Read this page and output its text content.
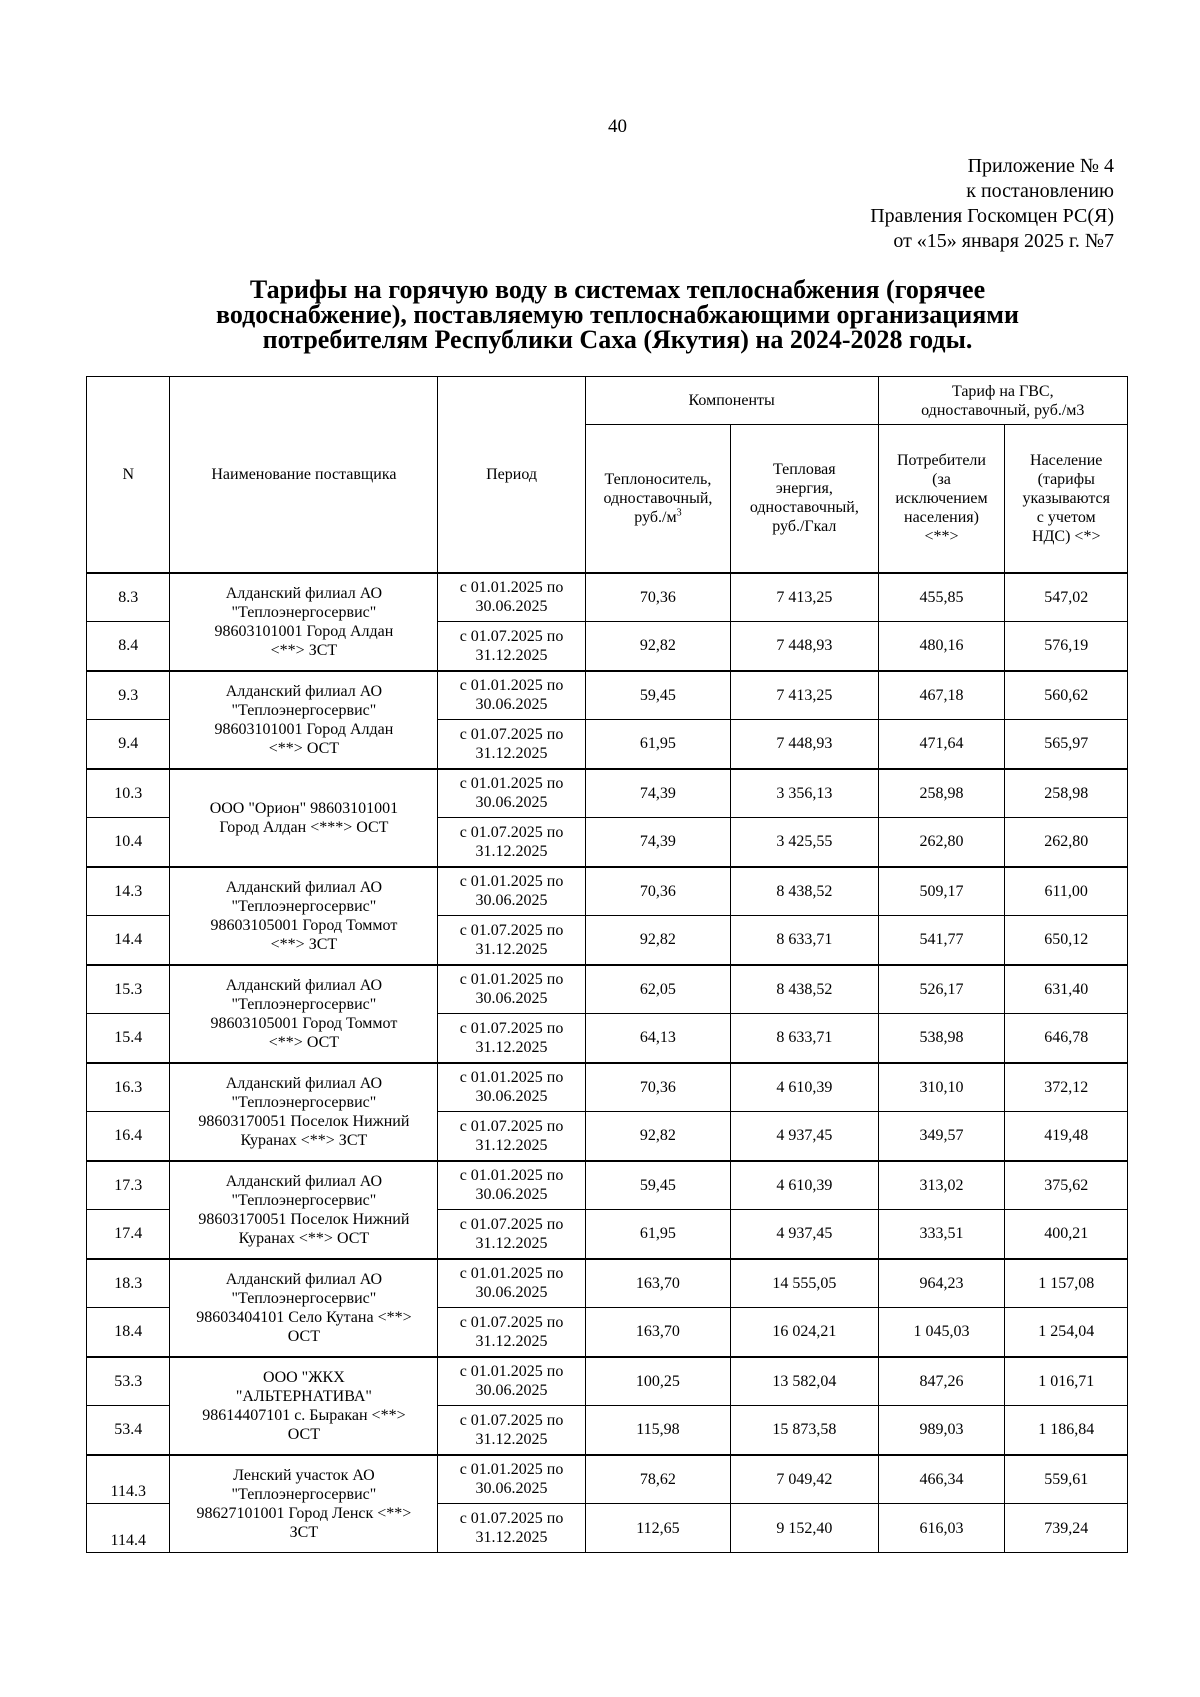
40
Приложение № 4
к постановлению
Правления Госкомцен РС(Я)
от «15» января 2025 г. №7
Тарифы на горячую воду в системах теплоснабжения (горячее
водоснабжение), поставляемую теплоснабжающими организациями
потребителям Республики Саха (Якутия) на 2024-2028 годы.
N	Наименование поставщика	Период	Компоненты		Тариф на ГВС,
одноставочный, руб./м3	
			Теплоноситель,
одноставочный,
$руб./м^3$	Тепловая
энергия,
одноставочный,
руб./Гкал	Потребители
(за
исключением
населения)
<**>	Население
(тарифы
указываются
с учетом
НДС) <*>
8.3	Алданский филиал АО
"Теплоэнергосервис"
98603101001 Город Алдан
<**> ЗСТ	с 01.01.2025 по
30.06.2025	70,36	7 413,25	455,85	547,02
8.4		с 01.07.2025 по
31.12.2025	92,82	7 448,93	480,16	576,19
9.3	Алданский филиал АО
"Теплоэнергосервис"
98603101001 Город Алдан
<**> ОСТ	с 01.01.2025 по
30.06.2025	59,45	7 413,25	467,18	560,62
9.4		с 01.07.2025 по
31.12.2025	61,95	7 448,93	471,64	565,97
10.3	ООО "Орион" 98603101001
Город Алдан <***> ОСТ	с 01.01.2025 по
30.06.2025	74,39	3 356,13	258,98	258,98
10.4		с 01.07.2025 по
31.12.2025	74,39	3 425,55	262,80	262,80
14.3	Алданский филиал АО
"Теплоэнергосервис"
98603105001 Город Томмот
<**> ЗСТ	с 01.01.2025 по
30.06.2025	70,36	8 438,52	509,17	611,00
14.4		с 01.07.2025 по
31.12.2025	92,82	8 633,71	541,77	650,12
15.3	Алданский филиал АО
"Теплоэнергосервис"
98603105001 Город Томмот
<**> ОСТ	с 01.01.2025 по
30.06.2025	62,05	8 438,52	526,17	631,40
15.4		с 01.07.2025 по
31.12.2025	64,13	8 633,71	538,98	646,78
16.3	Алданский филиал АО
"Теплоэнергосервис"
98603170051 Поселок Нижний
Куранах <**> ЗСТ	с 01.01.2025 по
30.06.2025	70,36	4 610,39	310,10	372,12
16.4		с 01.07.2025 по
31.12.2025	92,82	4 937,45	349,57	419,48
17.3	Алданский филиал АО
"Теплоэнергосервис"
98603170051 Поселок Нижний
Куранах <**> ОСТ	с 01.01.2025 по
30.06.2025	59,45	4 610,39	313,02	375,62
17.4		с 01.07.2025 по
31.12.2025	61,95	4 937,45	333,51	400,21
18.3	Алданский филиал АО
"Теплоэнергосервис"
98603404101 Село Кутана <**>
ОСТ	с 01.01.2025 по
30.06.2025	163,70	14 555,05	964,23	1 157,08
18.4		с 01.07.2025 по
31.12.2025	163,70	16 024,21	1 045,03	1 254,04
53.3	ООО "ЖКХ
"АЛЬТЕРНАТИВА"
98614407101 с. Быракан <**>
ОСТ	с 01.01.2025 по
30.06.2025	100,25	13 582,04	847,26	1 016,71
53.4		с 01.07.2025 по
31.12.2025	115,98	15 873,58	989,03	1 186,84
114.3	Ленский участок АО
"Теплоэнергосервис"
98627101001 Город Ленск <**>
ЗСТ	с 01.01.2025 по
30.06.2025	78,62	7 049,42	466,34	559,61
114.4		с 01.07.2025 по
31.12.2025	112,65	9 152,40	616,03	739,24
